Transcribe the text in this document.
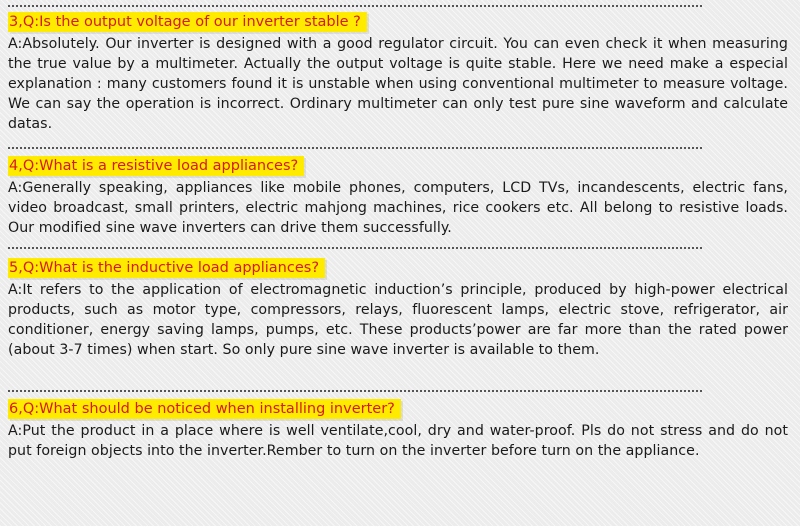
3,Q:Is the output voltage of our inverter stable ?

A:Absolutely. Our inverter is designed with a good regulator circuit. You can even check it when measuring the true value by a multimeter. Actually the output voltage is quite stable. Here we need make a especial explanation : many customers found it is unstable when using conventional multimeter to measure voltage. We can say the operation is incorrect. Ordinary multimeter can only test pure sine waveform and calculate datas.

4,Q:What is a resistive load appliances?

A:Generally speaking, appliances like mobile phones, computers, LCD TVs, incandescents, electric fans, video broadcast, small printers, electric mahjong machines, rice cookers etc. All belong to resistive loads. Our modified sine wave inverters can drive them successfully.

5,Q:What is the inductive load appliances?

A:It refers to the application of electromagnetic induction’s principle, produced by high-power electrical products, such as motor type, compressors, relays, fluorescent lamps, electric stove, refrigerator, air conditioner, energy saving lamps, pumps, etc. These products’power are far more than the rated power (about 3-7 times) when start. So only pure sine wave inverter is available to them.

6,Q:What should be noticed when installing inverter?

A:Put the product in a place where is well ventilate,cool, dry and water-proof. Pls do not stress and do not put foreign objects into the inverter.Rember to turn on the inverter before turn on the appliance.
